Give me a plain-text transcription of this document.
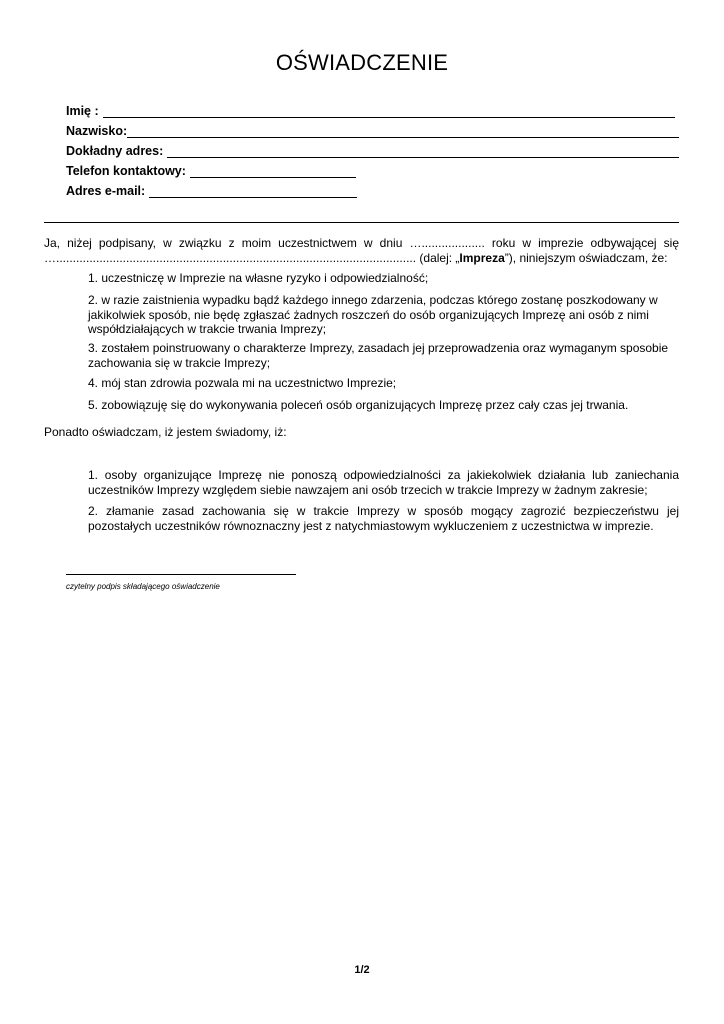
OŚWIADCZENIE
Imię :
Nazwisko:
Dokładny adres:
Telefon kontaktowy:
Adres e-mail:
Ja, niżej podpisany, w związku z moim uczestnictwem w dniu …................... roku w imprezie odbywającej się …............................................................................................................ (dalej: „Impreza”), niniejszym oświadczam, że:
1. uczestniczę w Imprezie na własne ryzyko i odpowiedzialność;
2. w razie zaistnienia wypadku bądź każdego innego zdarzenia, podczas którego zostanę poszkodowany w jakikolwiek sposób, nie będę zgłaszać żadnych roszczeń do osób organizujących Imprezę ani osób z nimi współdziałających w trakcie trwania Imprezy;
3. zostałem poinstruowany o charakterze Imprezy, zasadach jej przeprowadzenia oraz wymaganym sposobie zachowania się w trakcie Imprezy;
4. mój stan zdrowia pozwala mi na uczestnictwo Imprezie;
5. zobowiązuję się do wykonywania poleceń osób organizujących Imprezę przez cały czas jej trwania.
Ponadto oświadczam, iż jestem świadomy, iż:
1. osoby organizujące Imprezę nie ponoszą odpowiedzialności za jakiekolwiek działania lub zaniechania uczestników Imprezy względem siebie nawzajem ani osób trzecich w trakcie Imprezy w żadnym zakresie;
2. złamanie zasad zachowania się w trakcie Imprezy w sposób mogący zagrozić bezpieczeństwu jej pozostałych uczestników równoznaczny jest z natychmiastowym wykluczeniem z uczestnictwa w imprezie.
czytelny podpis składającego oświadczenie
1/2
